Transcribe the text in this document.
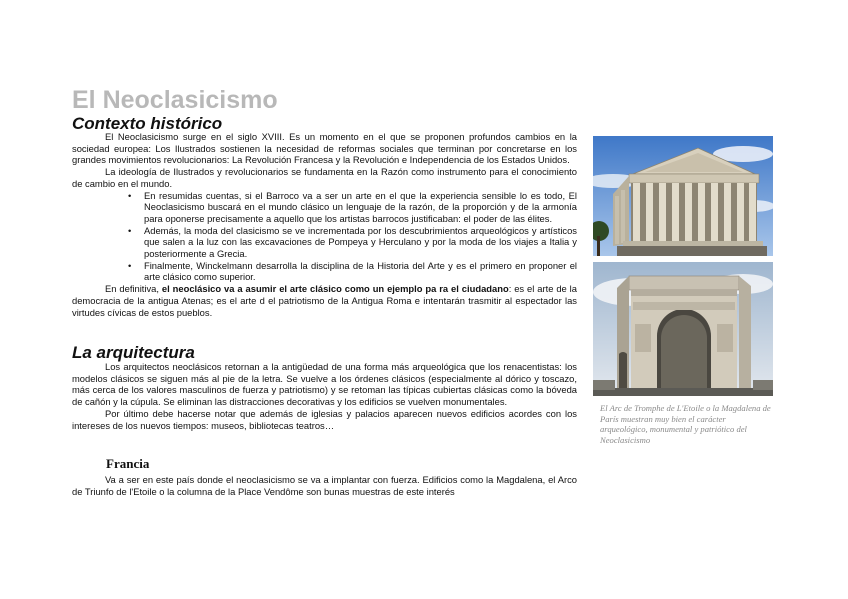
El Neoclasicismo
Contexto histórico

El Neoclasicismo surge en el siglo XVIII. Es un momento en el que se proponen profundos cambios en la sociedad europea: Los Ilustrados sostienen la necesidad de reformas sociales que terminan por concretarse en los grandes movimientos revolucionarios: La Revolución Francesa y la Revolución e Independencia de los Estados Unidos.

La ideología de Ilustrados y revolucionarios se fundamenta en la Razón como instrumento para el conocimiento de cambio en el mundo.

• En resumidas cuentas, si el Barroco va a ser un arte en el que la experiencia sensible lo es todo, El Neoclasicismo buscará en el mundo clásico un lenguaje de la razón, de la proporción y de la armonía para oponerse precisamente a aquello que los artistas barrocos justificaban: el poder de las élites.
• Además, la moda del clasicismo se ve incrementada por los descubrimientos arqueológicos y artísticos que salen a la luz con las excavaciones de Pompeya y Herculano y por la moda de los viajes a Italia y posteriormente a Grecia.
• Finalmente, Winckelmann desarrolla la disciplina de la Historia del Arte y es el primero en proponer el arte clásico como superior.

En definitiva, el neoclásico va a asumir el arte clásico como un ejemplo pa ra el ciudadano: es el arte de la democracia de la antigua Atenas; es el arte d el patriotismo de la Antigua Roma e intentarán trasmitir al espectador las virtudes cívicas de estos pueblos.

La arquitectura

Los arquitectos neoclásicos retornan a la antigüedad de una forma más arqueológica que los renacentistas: los modelos clásicos se siguen más al pie de la letra. Se vuelve a los órdenes clásicos (especialmente al dórico y toscazo, más cerca de los valores masculinos de fuerza y patriotismo) y se retoman las típicas cubiertas clásicas como la bóveda de cañón y la cúpula. Se eliminan las distracciones decorativas y los edificios se vuelven monumentales.

Por último debe hacerse notar que además de iglesias y palacios aparecen nuevos edificios acordes con los intereses de los nuevos tiempos: museos, bibliotecas teatros…

Francia

Va a ser en este país donde el neoclasicismo se va a implantar con fuerza. Edificios como la Magdalena, el Arco de Triunfo de l'Etoile o la columna de la Place Vendôme son bunas muestras de este interés

El Arc de Tromphe de L'Etoile o la Magdalena de París muestran muy bien el carácter arqueológico, monumental y patriótico del Neoclasicismo
